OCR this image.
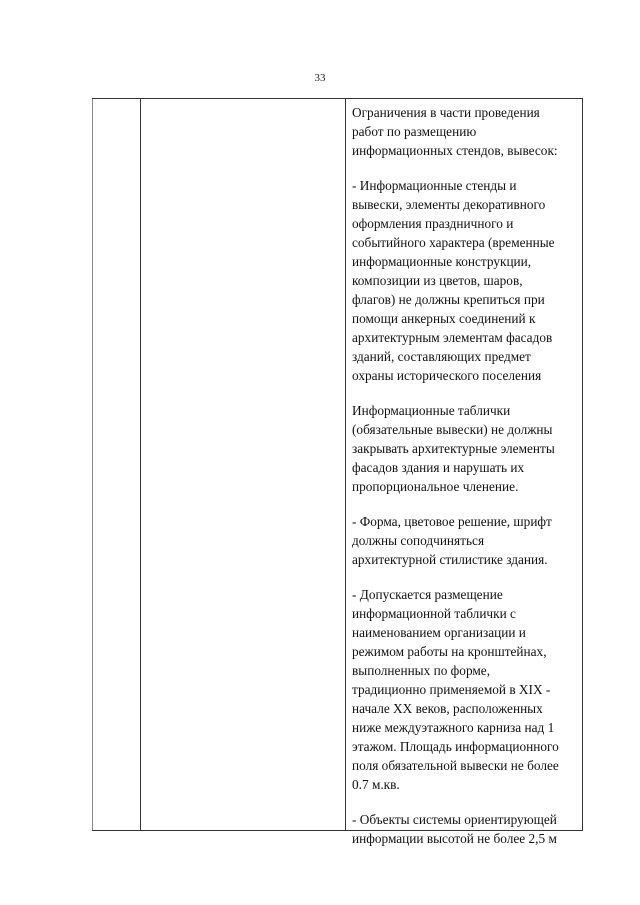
33
Ограничения в части проведения
работ по размещению
информационных стендов, вывесок:
- Информационные стенды и
вывески, элементы декоративного
оформления праздничного и
событийного характера (временные
информационные конструкции,
композиции из цветов, шаров,
флагов) не должны крепиться при
помощи анкерных соединений к
архитектурным элементам фасадов
зданий, составляющих предмет
охраны исторического поселения
Информационные таблички
(обязательные вывески) не должны
закрывать архитектурные элементы
фасадов здания и нарушать их
пропорциональное членение.
- Форма, цветовое решение, шрифт
должны соподчиняться
архитектурной стилистике здания.
- Допускается размещение
информационной таблички с
наименованием организации и
режимом работы на кронштейнах,
выполненных по форме,
традиционно применяемой в XIX -
начале XX веков, расположенных
ниже междуэтажного карниза над 1
этажом. Площадь информационного
поля обязательной вывески не более
0.7 м.кв.
- Объекты системы ориентирующей
информации высотой не более 2,5 м
